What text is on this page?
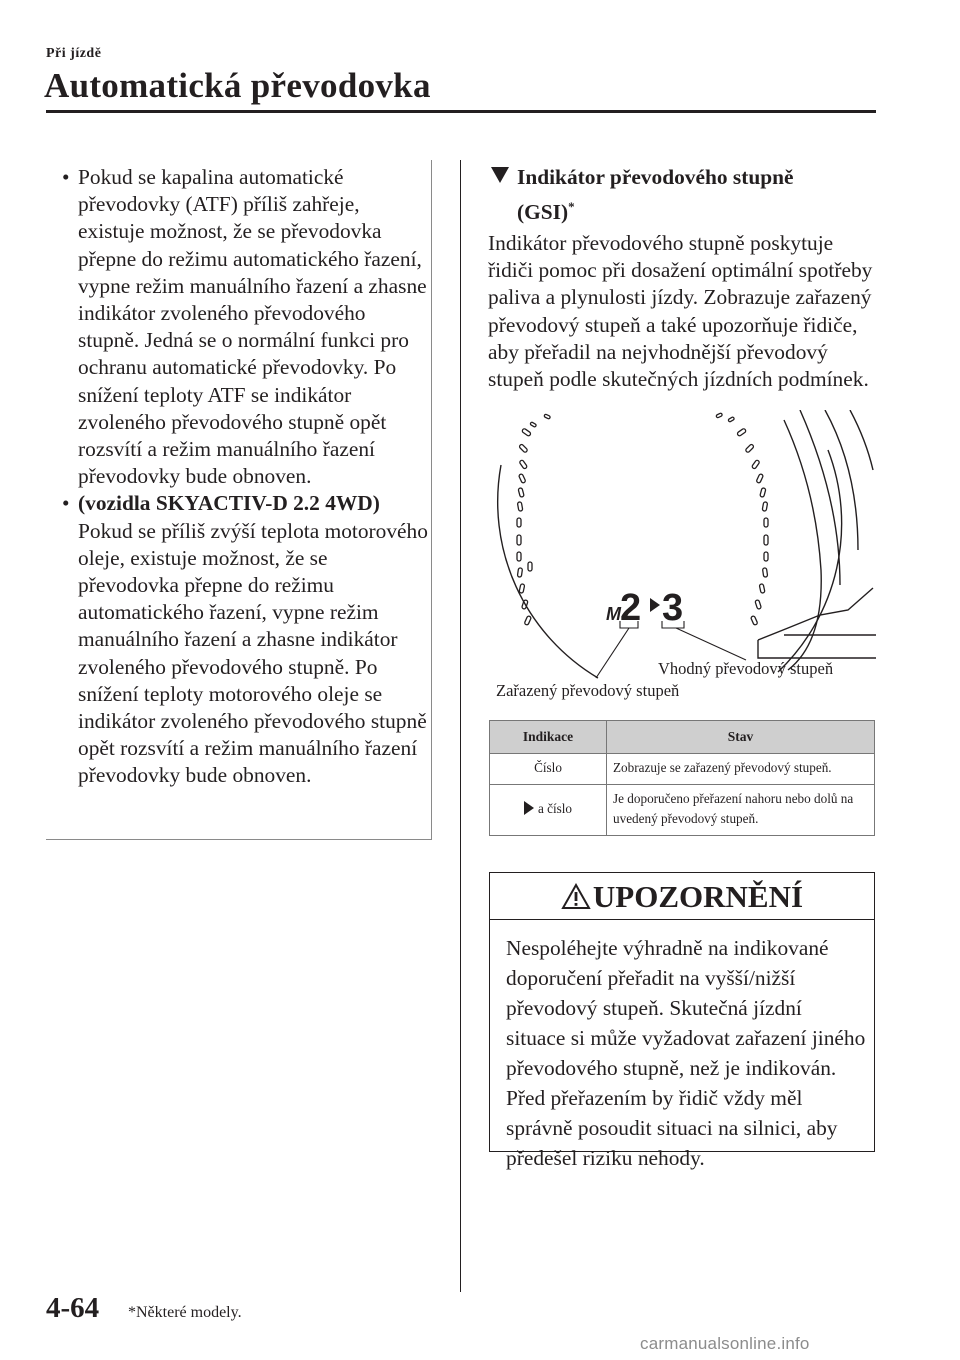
Při jízdě
Automatická převodovka
• Pokud se kapalina automatické převodovky (ATF) příliš zahřeje, existuje možnost, že se převodovka přepne do režimu automatického řazení, vypne režim manuálního řazení a zhasne indikátor zvoleného převodového stupně. Jedná se o normální funkci pro ochranu automatické převodovky. Po snížení teploty ATF se indikátor zvoleného převodového stupně opět rozsvítí a režim manuálního řazení převodovky bude obnoven.
• (vozidla SKYACTIV-D 2.2 4WD)
Pokud se příliš zvýší teplota motorového oleje, existuje možnost, že se převodovka přepne do režimu automatického řazení, vypne režim manuálního řazení a zhasne indikátor zvoleného převodového stupně. Po snížení teploty motorového oleje se indikátor zvoleného převodového stupně opět rozsvítí a režim manuálního řazení převodovky bude obnoven.
Indikátor převodového stupně
(GSI)*
Indikátor převodového stupně poskytuje řidiči pomoc při dosažení optimální spotřeby paliva a plynulosti jízdy. Zobrazuje zařazený převodový stupeň a také upozorňuje řidiče, aby přeřadil na nejvhodnější převodový stupeň podle skutečných jízdních podmínek.
M 2 3
Vhodný převodový stupeň
Zařazený převodový stupeň
Indikace	Stav
Číslo	Zobrazuje se zařazený převodový stupeň.
a číslo	Je doporučeno přeřazení nahoru nebo dolů na uvedený převodový stupeň.
UPOZORNĚNÍ
Nespoléhejte výhradně na indikované doporučení přeřadit na vyšší/nižší převodový stupeň. Skutečná jízdní situace si může vyžadovat zařazení jiného převodového stupně, než je indikován. Před přeřazením by řidič vždy měl správně posoudit situaci na silnici, aby předešel riziku nehody.
4-64 *Některé modely.
carmanualsonline.info
